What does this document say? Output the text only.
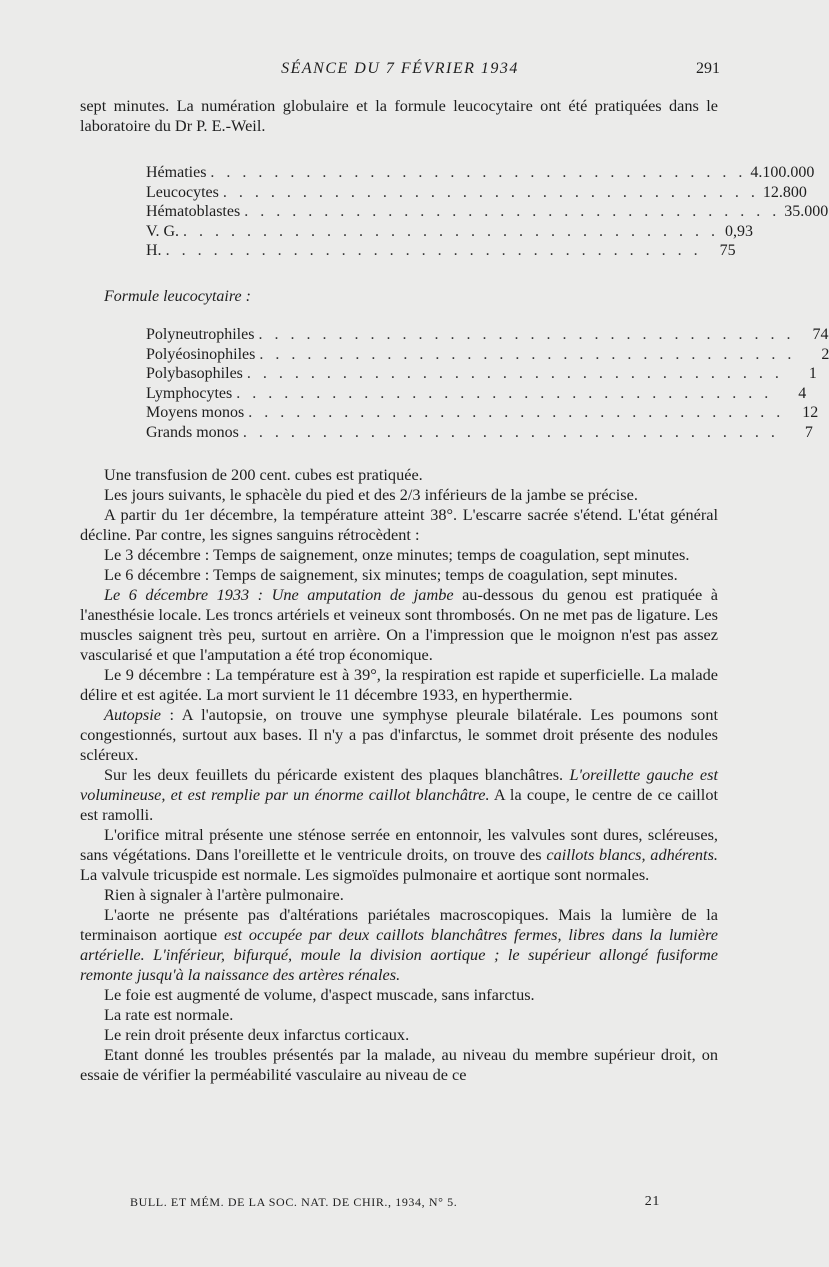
SÉANCE DU 7 FÉVRIER 1934	291

sept minutes. La numération globulaire et la formule leucocytaire ont été pratiquées dans le laboratoire du Dr P. E.-Weil.

Hématies . . . . . . . . . . . . . . . . . . . . . . . . . . . . . . . . . . 4.100.000
Leucocytes . . . . . . . . . . . . . . . . . . . . . . . . . . . . . . . . . . 12.800
Hématoblastes . . . . . . . . . . . . . . . . . . . . . . . . . . . . . . . . . . 35.000
V. G. . . . . . . . . . . . . . . . . . . . . . . . . . . . . . . . . . . 0,93
H. . . . . . . . . . . . . . . . . . . . . . . . . . . . . . . . . . .	75
Formule leucocytaire :
Polyneutrophiles . . . . . . . . . . . . . . . . . . . . . . . . . . . . . . . . . .	74
Polyéosinophiles . . . . . . . . . . . . . . . . . . . . . . . . . . . . . . . . . .	2
Polybasophiles . . . . . . . . . . . . . . . . . . . . . . . . . . . . . . . . . .	1
Lymphocytes . . . . . . . . . . . . . . . . . . . . . . . . . . . . . . . . . .	4
Moyens monos . . . . . . . . . . . . . . . . . . . . . . . . . . . . . . . . . .	12
Grands monos . . . . . . . . . . . . . . . . . . . . . . . . . . . . . . . . . .	7

Une transfusion de 200 cent. cubes est pratiquée.

Les jours suivants, le sphacèle du pied et des 2/3 inférieurs de la jambe se précise.

A partir du 1er décembre, la température atteint 38°. L'escarre sacrée s'étend. L'état général décline. Par contre, les signes sanguins rétrocèdent :

Le 3 décembre : Temps de saignement, onze minutes; temps de coagulation, sept minutes.

Le 6 décembre : Temps de saignement, six minutes; temps de coagulation, sept minutes.

Le 6 décembre 1933 : Une amputation de jambe au-dessous du genou est pratiquée à l'anesthésie locale. Les troncs artériels et veineux sont thrombosés. On ne met pas de ligature. Les muscles saignent très peu, surtout en arrière. On a l'impression que le moignon n'est pas assez vascularisé et que l'amputation a été trop économique.

Le 9 décembre : La température est à 39°, la respiration est rapide et superficielle. La malade délire et est agitée. La mort survient le 11 décembre 1933, en hyperthermie.

Autopsie : A l'autopsie, on trouve une symphyse pleurale bilatérale. Les poumons sont congestionnés, surtout aux bases. Il n'y a pas d'infarctus, le sommet droit présente des nodules scléreux.

Sur les deux feuillets du péricarde existent des plaques blanchâtres. L'oreillette gauche est volumineuse, et est remplie par un énorme caillot blanchâtre. A la coupe, le centre de ce caillot est ramolli.

L'orifice mitral présente une sténose serrée en entonnoir, les valvules sont dures, scléreuses, sans végétations. Dans l'oreillette et le ventricule droits, on trouve des caillots blancs, adhérents. La valvule tricuspide est normale. Les sigmoïdes pulmonaire et aortique sont normales.

Rien à signaler à l'artère pulmonaire.

L'aorte ne présente pas d'altérations pariétales macroscopiques. Mais la lumière de la terminaison aortique est occupée par deux caillots blanchâtres fermes, libres dans la lumière artérielle. L'inférieur, bifurqué, moule la division aortique ; le supérieur allongé fusiforme remonte jusqu'à la naissance des artères rénales.

Le foie est augmenté de volume, d'aspect muscade, sans infarctus.

La rate est normale.

Le rein droit présente deux infarctus corticaux.

Etant donné les troubles présentés par la malade, au niveau du membre supérieur droit, on essaie de vérifier la perméabilité vasculaire au niveau de ce

BULL. ET MÉM. DE LA SOC. NAT. DE CHIR., 1934, N° 5.	21
